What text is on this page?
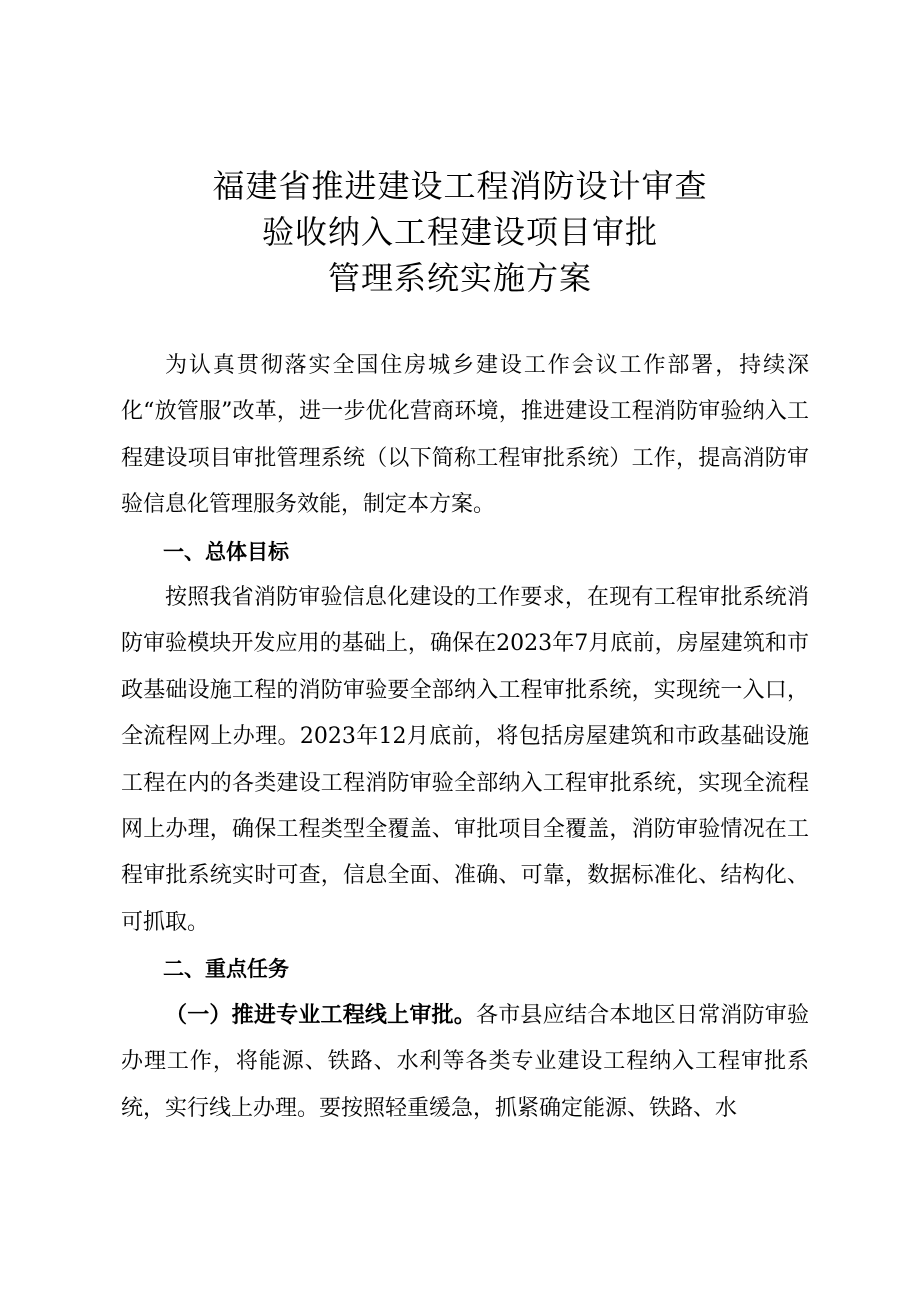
福建省推进建设工程消防设计审查
验收纳入工程建设项目审批
管理系统实施方案

为认真贯彻落实全国住房城乡建设工作会议工作部署，持续深化“放管服”改革，进一步优化营商环境，推进建设工程消防审验纳入工程建设项目审批管理系统（以下简称工程审批系统）工作，提高消防审验信息化管理服务效能，制定本方案。

一、总体目标

按照我省消防审验信息化建设的工作要求，在现有工程审批系统消防审验模块开发应用的基础上，确保在2023年7月底前，房屋建筑和市政基础设施工程的消防审验要全部纳入工程审批系统，实现统一入口，全流程网上办理。2023年12月底前，将包括房屋建筑和市政基础设施工程在内的各类建设工程消防审验全部纳入工程审批系统，实现全流程网上办理，确保工程类型全覆盖、审批项目全覆盖，消防审验情况在工程审批系统实时可查，信息全面、准确、可靠，数据标准化、结构化、可抓取。

二、重点任务

（一）推进专业工程线上审批。各市县应结合本地区日常消防审验办理工作，将能源、铁路、水利等各类专业建设工程纳入工程审批系统，实行线上办理。要按照轻重缓急，抓紧确定能源、铁路、水
